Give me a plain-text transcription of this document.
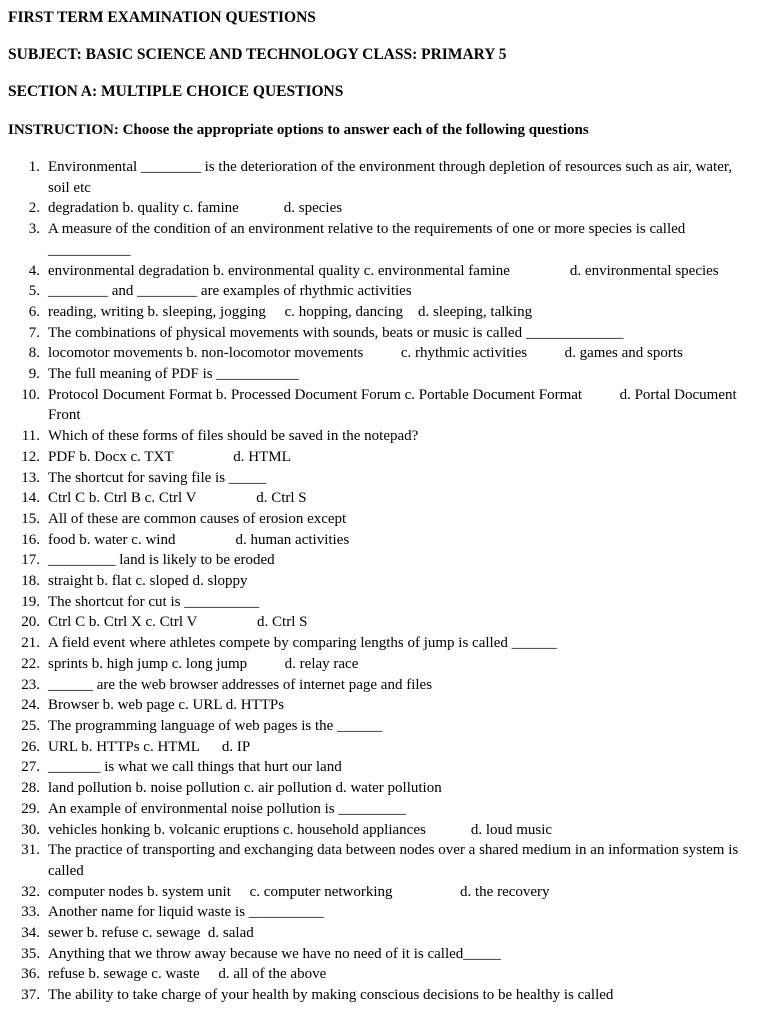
FIRST TERM EXAMINATION QUESTIONS
SUBJECT: BASIC SCIENCE AND TECHNOLOGY CLASS: PRIMARY 5
SECTION A: MULTIPLE CHOICE QUESTIONS
INSTRUCTION: Choose the appropriate options to answer each of the following questions
1. Environmental ________ is the deterioration of the environment through depletion of resources such as air, water, soil etc
2. degradation b. quality c. famine            d. species
3. A measure of the condition of an environment relative to the requirements of one or more species is called ___________
4. environmental degradation b. environmental quality c. environmental famine                d. environmental species
5. ________ and ________ are examples of rhythmic activities
6. reading, writing b. sleeping, jogging     c. hopping, dancing    d. sleeping, talking
7. The combinations of physical movements with sounds, beats or music is called _____________
8. locomotor movements b. non-locomotor movements          c. rhythmic activities          d. games and sports
9. The full meaning of PDF is ___________
10. Protocol Document Format b. Processed Document Forum c. Portable Document Format          d. Portal Document Front
11. Which of these forms of files should be saved in the notepad?
12. PDF b. Docx c. TXT                d. HTML
13. The shortcut for saving file is _____
14. Ctrl C b. Ctrl B c. Ctrl V                d. Ctrl S
15. All of these are common causes of erosion except
16. food b. water c. wind                d. human activities
17. _________ land is likely to be eroded
18. straight b. flat c. sloped d. sloppy
19. The shortcut for cut is __________
20. Ctrl C b. Ctrl X c. Ctrl V                d. Ctrl S
21. A field event where athletes compete by comparing lengths of jump is called ______
22. sprints b. high jump c. long jump          d. relay race
23. ______ are the web browser addresses of internet page and files
24. Browser b. web page c. URL d. HTTPs
25. The programming language of web pages is the ______
26. URL b. HTTPs c. HTML      d. IP
27. _______ is what we call things that hurt our land
28. land pollution b. noise pollution c. air pollution d. water pollution
29. An example of environmental noise pollution is _________
30. vehicles honking b. volcanic eruptions c. household appliances            d. loud music
31. The practice of transporting and exchanging data between nodes over a shared medium in an information system is called
32. computer nodes b. system unit     c. computer networking                  d. the recovery
33. Another name for liquid waste is __________
34. sewer b. refuse c. sewage  d. salad
35. Anything that we throw away because we have no need of it is called_____
36. refuse b. sewage c. waste     d. all of the above
37. The ability to take charge of your health by making conscious decisions to be healthy is called
